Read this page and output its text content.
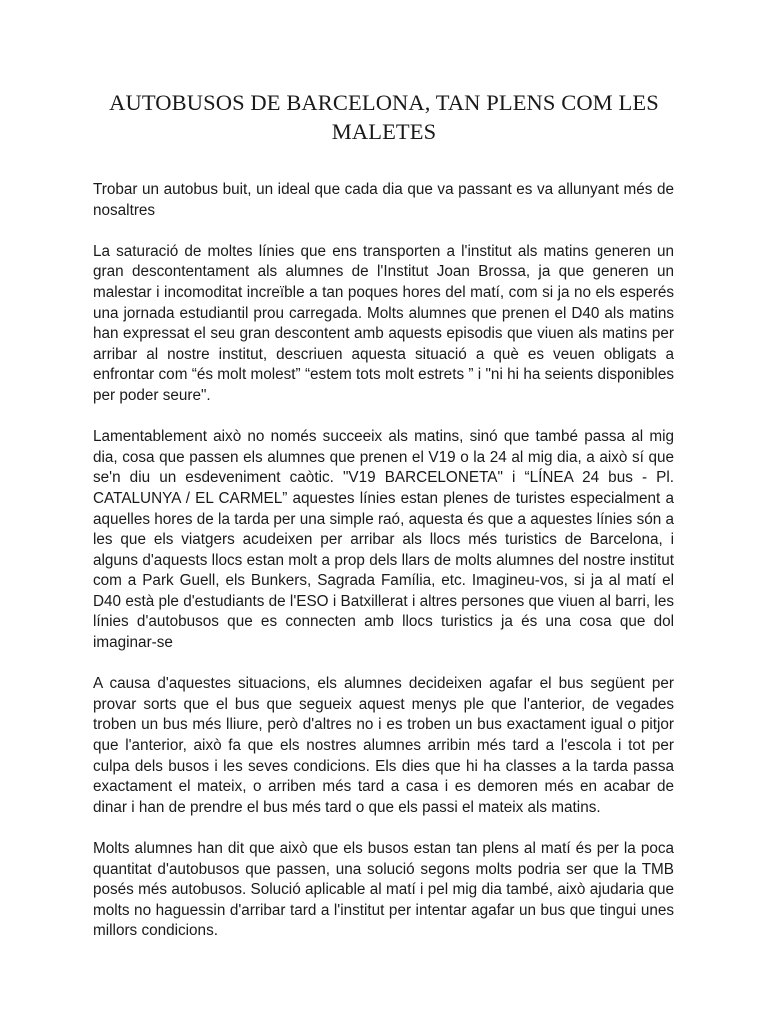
AUTOBUSOS DE BARCELONA, TAN PLENS COM LES MALETES

Trobar un autobus buit, un ideal que cada dia que va passant es va allunyant més de nosaltres

La saturació de moltes línies que ens transporten a l'institut als matins generen un gran descontentament als alumnes de l'Institut Joan Brossa, ja que generen un malestar i incomoditat increïble a tan poques hores del matí, com si ja no els esperés una jornada estudiantil prou carregada. Molts alumnes que prenen el D40 als matins han expressat el seu gran descontent amb aquests episodis que viuen als matins per arribar al nostre institut, descriuen aquesta situació a què es veuen obligats a enfrontar com “és molt molest” “estem tots molt estrets ” i "ni hi ha seients disponibles per poder seure".

Lamentablement això no només succeeix als matins, sinó que també passa al mig dia, cosa que passen els alumnes que prenen el V19 o la 24 al mig dia, a això sí que se'n diu un esdeveniment caòtic. "V19 BARCELONETA" i “LÍNEA 24 bus - Pl. CATALUNYA / EL CARMEL” aquestes línies estan plenes de turistes especialment a aquelles hores de la tarda per una simple raó, aquesta és que a aquestes línies són a les que els viatgers acudeixen per arribar als llocs més turistics de Barcelona, i alguns d'aquests llocs estan molt a prop dels llars de molts alumnes del nostre institut com a Park Guell, els Bunkers, Sagrada Família, etc. Imagineu-vos, si ja al matí el D40 està ple d'estudiants de l'ESO i Batxillerat i altres persones que viuen al barri, les línies d'autobusos que es connecten amb llocs turistics ja és una cosa que dol imaginar-se

A causa d'aquestes situacions, els alumnes decideixen agafar el bus següent per provar sorts que el bus que segueix aquest menys ple que l'anterior, de vegades troben un bus més lliure, però d'altres no i es troben un bus exactament igual o pitjor que l'anterior, això fa que els nostres alumnes arribin més tard a l'escola i tot per culpa dels busos i les seves condicions. Els dies que hi ha classes a la tarda passa exactament el mateix, o arriben més tard a casa i es demoren més en acabar de dinar i han de prendre el bus més tard o que els passi el mateix als matins.

Molts alumnes han dit que això que els busos estan tan plens al matí és per la poca quantitat d'autobusos que passen, una solució segons molts podria ser que la TMB posés més autobusos. Solució aplicable al matí i pel mig dia també, això ajudaria que molts no haguessin d'arribar tard a l'institut per intentar agafar un bus que tingui unes millors condicions.
